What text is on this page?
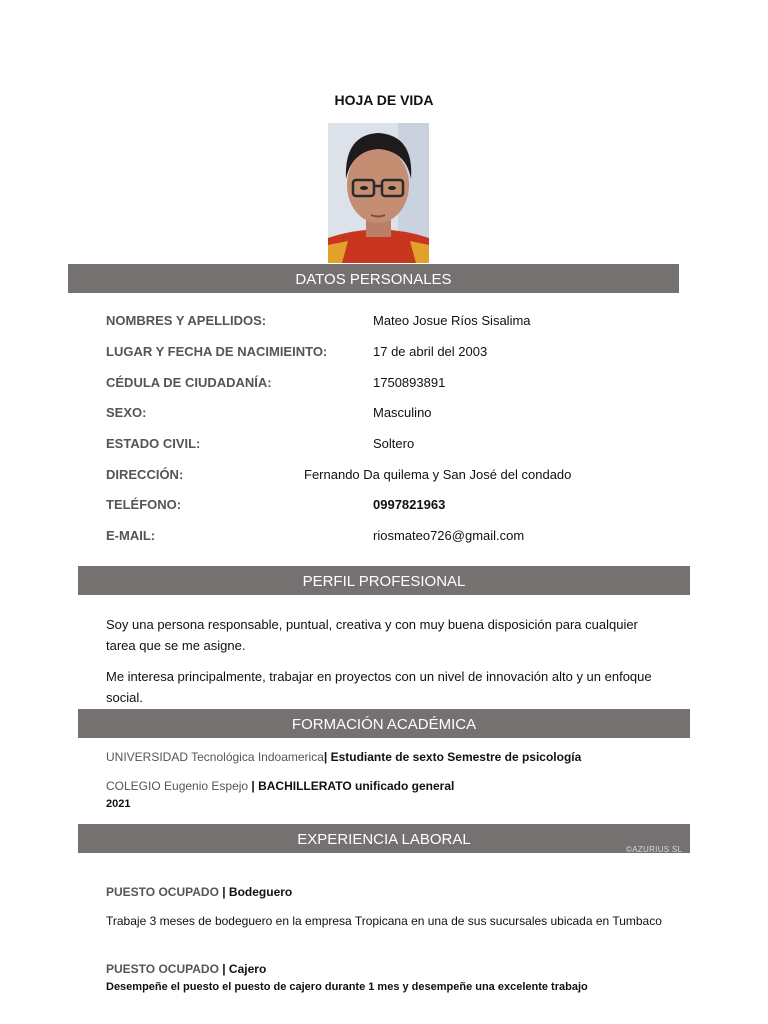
HOJA DE VIDA
DATOS PERSONALES
NOMBRES Y APELLIDOS:	Mateo Josue Ríos Sisalima
LUGAR Y FECHA DE NACIMIEINTO:	17 de abril del 2003
CÉDULA DE CIUDADANÍA:	1750893891
SEXO:	Masculino
ESTADO CIVIL:	Soltero
DIRECCIÓN:	Fernando Da quilema y San José del condado
TELÉFONO:	0997821963
E-MAIL:	riosmateo726@gmail.com
PERFIL PROFESIONAL
Soy una persona responsable, puntual, creativa y con muy buena disposición para cualquier tarea que se me asigne.
Me interesa principalmente, trabajar en proyectos con un nivel de innovación alto y un enfoque social.
FORMACIÓN ACADÉMICA
UNIVERSIDAD Tecnológica Indoamerica| Estudiante de sexto Semestre de psicología
COLEGIO Eugenio Espejo | BACHILLERATO unificado general
2021
EXPERIENCIA LABORAL
©AZURIUS SL
PUESTO OCUPADO | Bodeguero
Trabaje 3 meses de bodeguero en la empresa Tropicana en una de sus sucursales ubicada en Tumbaco
PUESTO OCUPADO | Cajero
Desempeñe el puesto el puesto de cajero durante 1 mes y desempeñe una excelente trabajo
